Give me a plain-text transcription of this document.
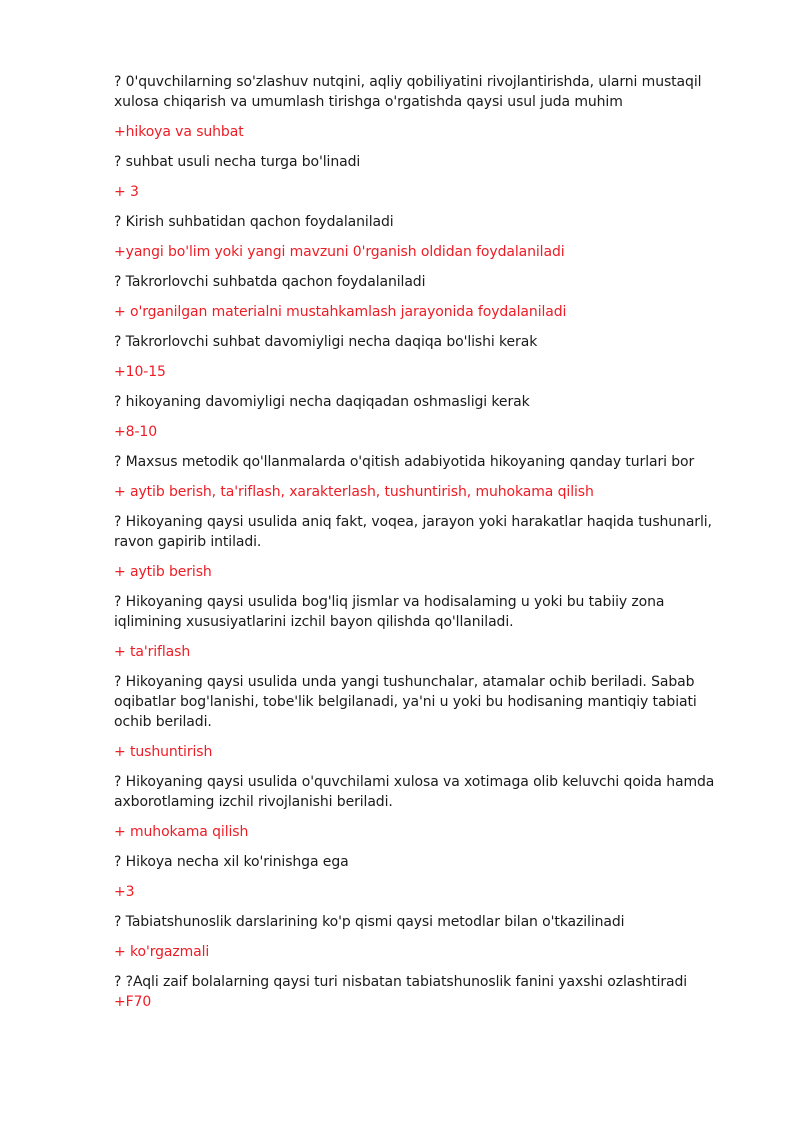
? 0'quvchilarning so'zlashuv nutqini, aqliy qobiliyatini rivojlantirishda, ularni mustaqil xulosa chiqarish va umumlash tirishga o'rgatishda qaysi usul juda muhim

+hikoya va suhbat

? suhbat usuli necha turga bo'linadi

+ 3

? Kirish suhbatidan qachon foydalaniladi

+yangi bo'lim yoki yangi mavzuni 0'rganish oldidan foydalaniladi

? Takrorlovchi suhbatda qachon foydalaniladi

+ o'rganilgan materialni mustahkamlash jarayonida foydalaniladi

? Takrorlovchi suhbat davomiyligi necha daqiqa bo'lishi kerak

+10-15

? hikoyaning davomiyligi necha daqiqadan oshmasligi kerak

+8-10

? Maxsus metodik qo'llanmalarda o'qitish adabiyotida hikoyaning qanday turlari bor

+ aytib berish, ta'riflash, xarakterlash, tushuntirish, muhokama qilish

? Hikoyaning qaysi usulida aniq fakt, voqea, jarayon yoki harakatlar haqida tushunarli, ravon gapirib intiladi.

+ aytib berish

? Hikoyaning qaysi usulida bog'liq jismlar va hodisalaming u yoki bu tabiiy zona iqlimining xususiyatlarini izchil bayon qilishda qo'llaniladi.

+ ta'riflash

? Hikoyaning qaysi usulida unda yangi tushunchalar, atamalar ochib beriladi. Sabab oqibatlar bog'lanishi, tobe'lik belgilanadi, ya'ni u yoki bu hodisaning mantiqiy tabiati ochib beriladi.

+ tushuntirish

? Hikoyaning qaysi usulida o'quvchilami xulosa va xotimaga olib keluvchi qoida hamda axborotlaming izchil rivojlanishi beriladi.

+ muhokama qilish

? Hikoya necha xil ko'rinishga ega

+3

? Tabiatshunoslik darslarining ko'p qismi qaysi metodlar bilan o'tkazilinadi

+ ko'rgazmali

? ?Aqli zaif bolalarning qaysi turi nisbatan tabiatshunoslik fanini yaxshi ozlashtiradi

+F70
